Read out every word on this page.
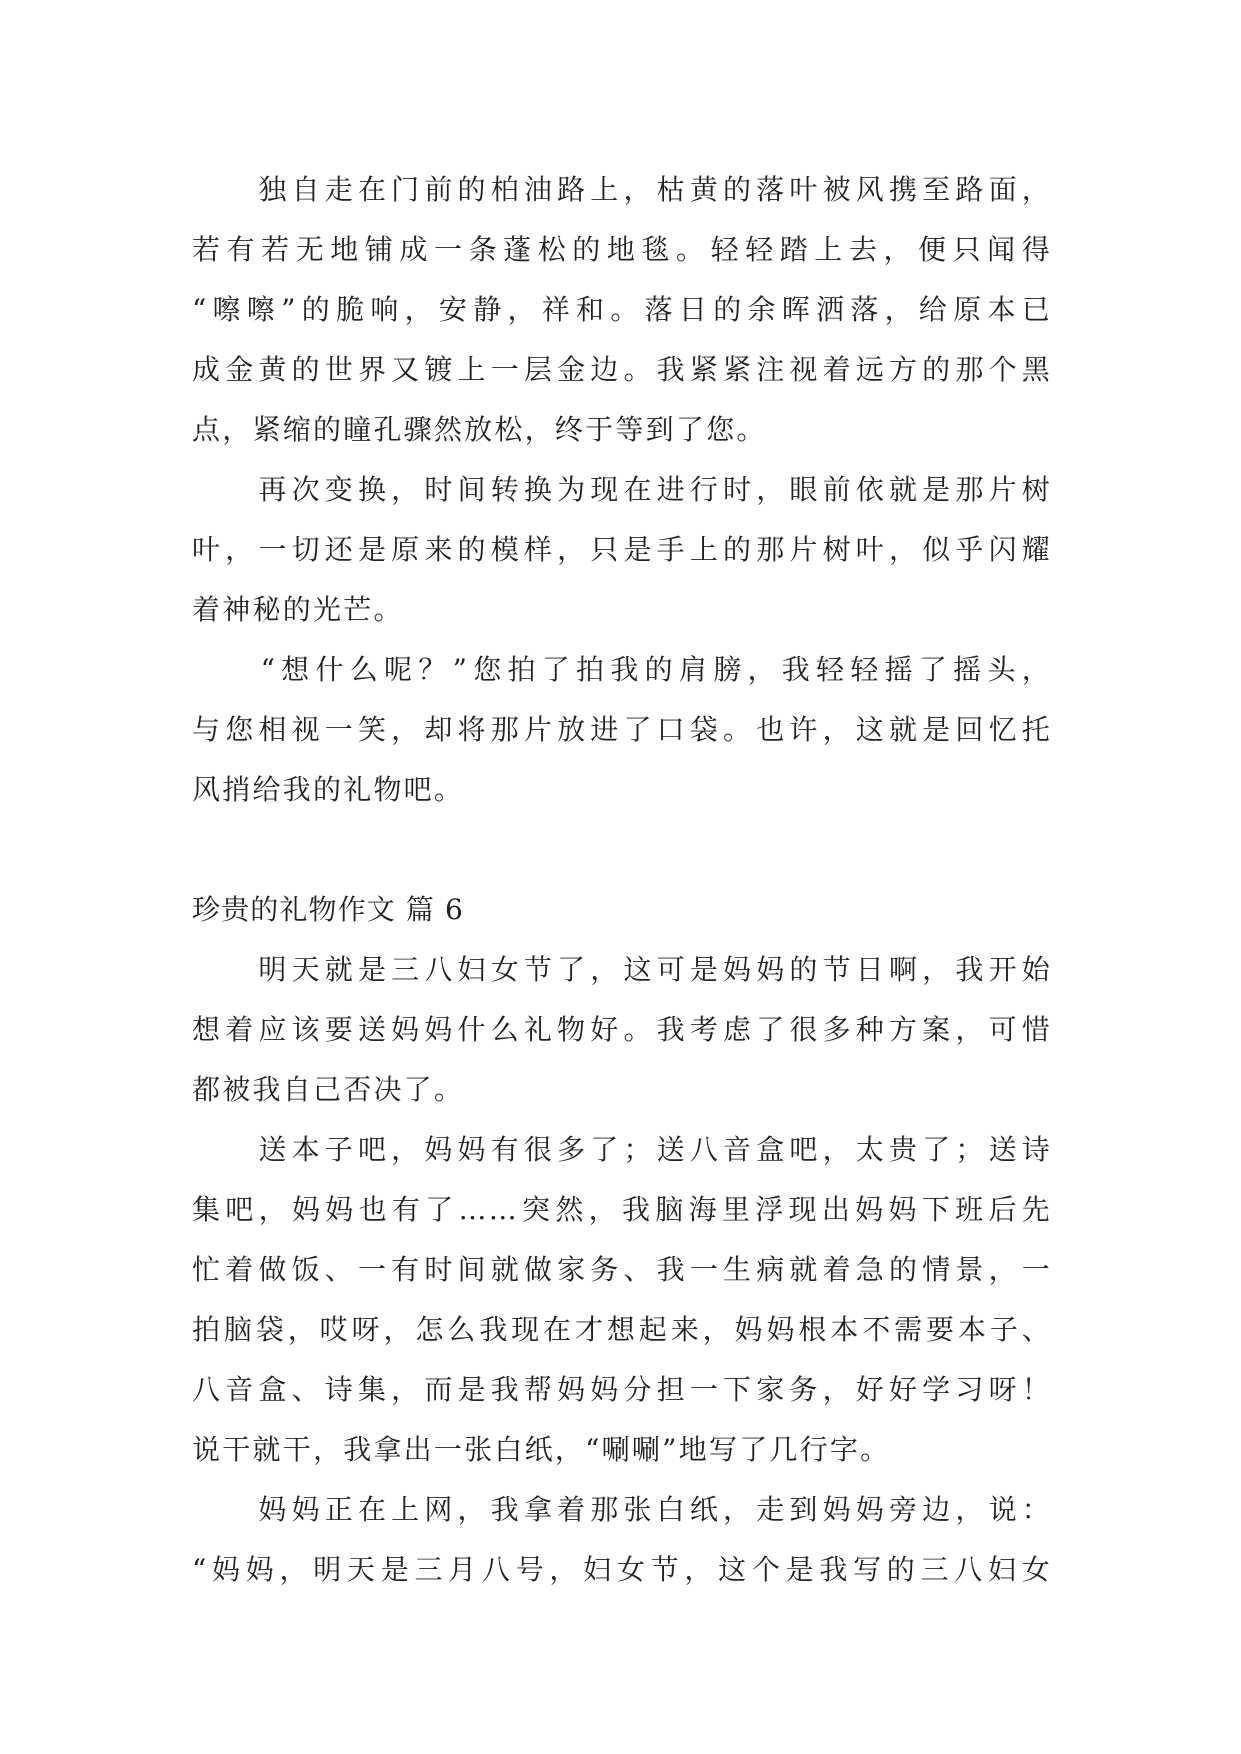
　　独自走在门前的柏油路上，枯黄的落叶被风携至路面，
若有若无地铺成一条蓬松的地毯。轻轻踏上去，便只闻得
“嚓嚓”的脆响，安静，祥和。落日的余晖洒落，给原本已
成金黄的世界又镀上一层金边。我紧紧注视着远方的那个黑
点，紧缩的瞳孔骤然放松，终于等到了您。
　　再次变换，时间转换为现在进行时，眼前依就是那片树
叶，一切还是原来的模样，只是手上的那片树叶，似乎闪耀
着神秘的光芒。
　　“想什么呢？”您拍了拍我的肩膀，我轻轻摇了摇头，
与您相视一笑，却将那片放进了口袋。也许，这就是回忆托
风捎给我的礼物吧。
珍贵的礼物作文 篇 6
　　明天就是三八妇女节了，这可是妈妈的节日啊，我开始
想着应该要送妈妈什么礼物好。我考虑了很多种方案，可惜
都被我自己否决了。
　　送本子吧，妈妈有很多了；送八音盒吧，太贵了；送诗
集吧，妈妈也有了……突然，我脑海里浮现出妈妈下班后先
忙着做饭、一有时间就做家务、我一生病就着急的情景，一
拍脑袋，哎呀，怎么我现在才想起来，妈妈根本不需要本子、
八音盒、诗集，而是我帮妈妈分担一下家务，好好学习呀！
说干就干，我拿出一张白纸，“唰唰”地写了几行字。
　　妈妈正在上网，我拿着那张白纸，走到妈妈旁边，说：
“妈妈，明天是三月八号，妇女节，这个是我写的三八妇女
